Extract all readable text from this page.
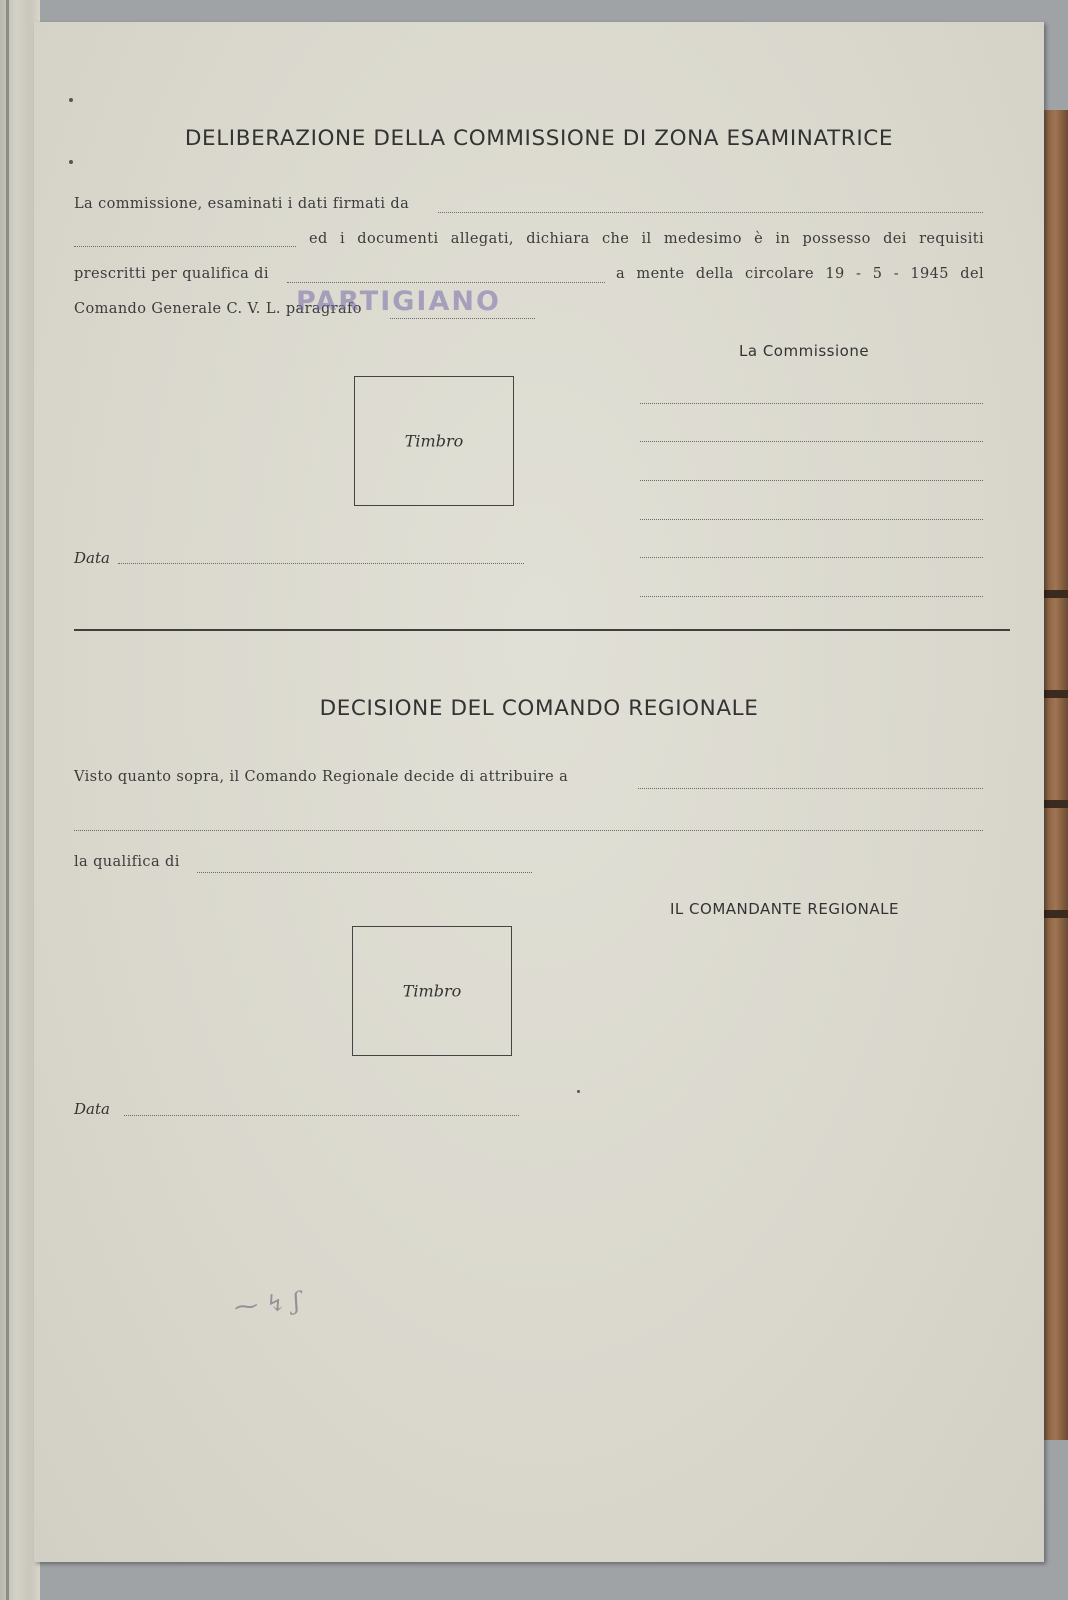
DELIBERAZIONE DELLA COMMISSIONE DI ZONA ESAMINATRICE
La commissione, esaminati i dati firmati da
ed i documenti allegati, dichiara che il medesimo è in possesso dei requisiti
prescritti per qualifica di	a mente della circolare 19 - 5 - 1945 del
Comando Generale C. V. L. paragrafo
PARTIGIANO
La Commissione
Timbro
Data
DECISIONE DEL COMANDO REGIONALE
Visto quanto sopra, il Comando Regionale decide di attribuire a
la qualifica di
IL COMANDANTE REGIONALE
Timbro
Data
⁓ ↯ ʃ
